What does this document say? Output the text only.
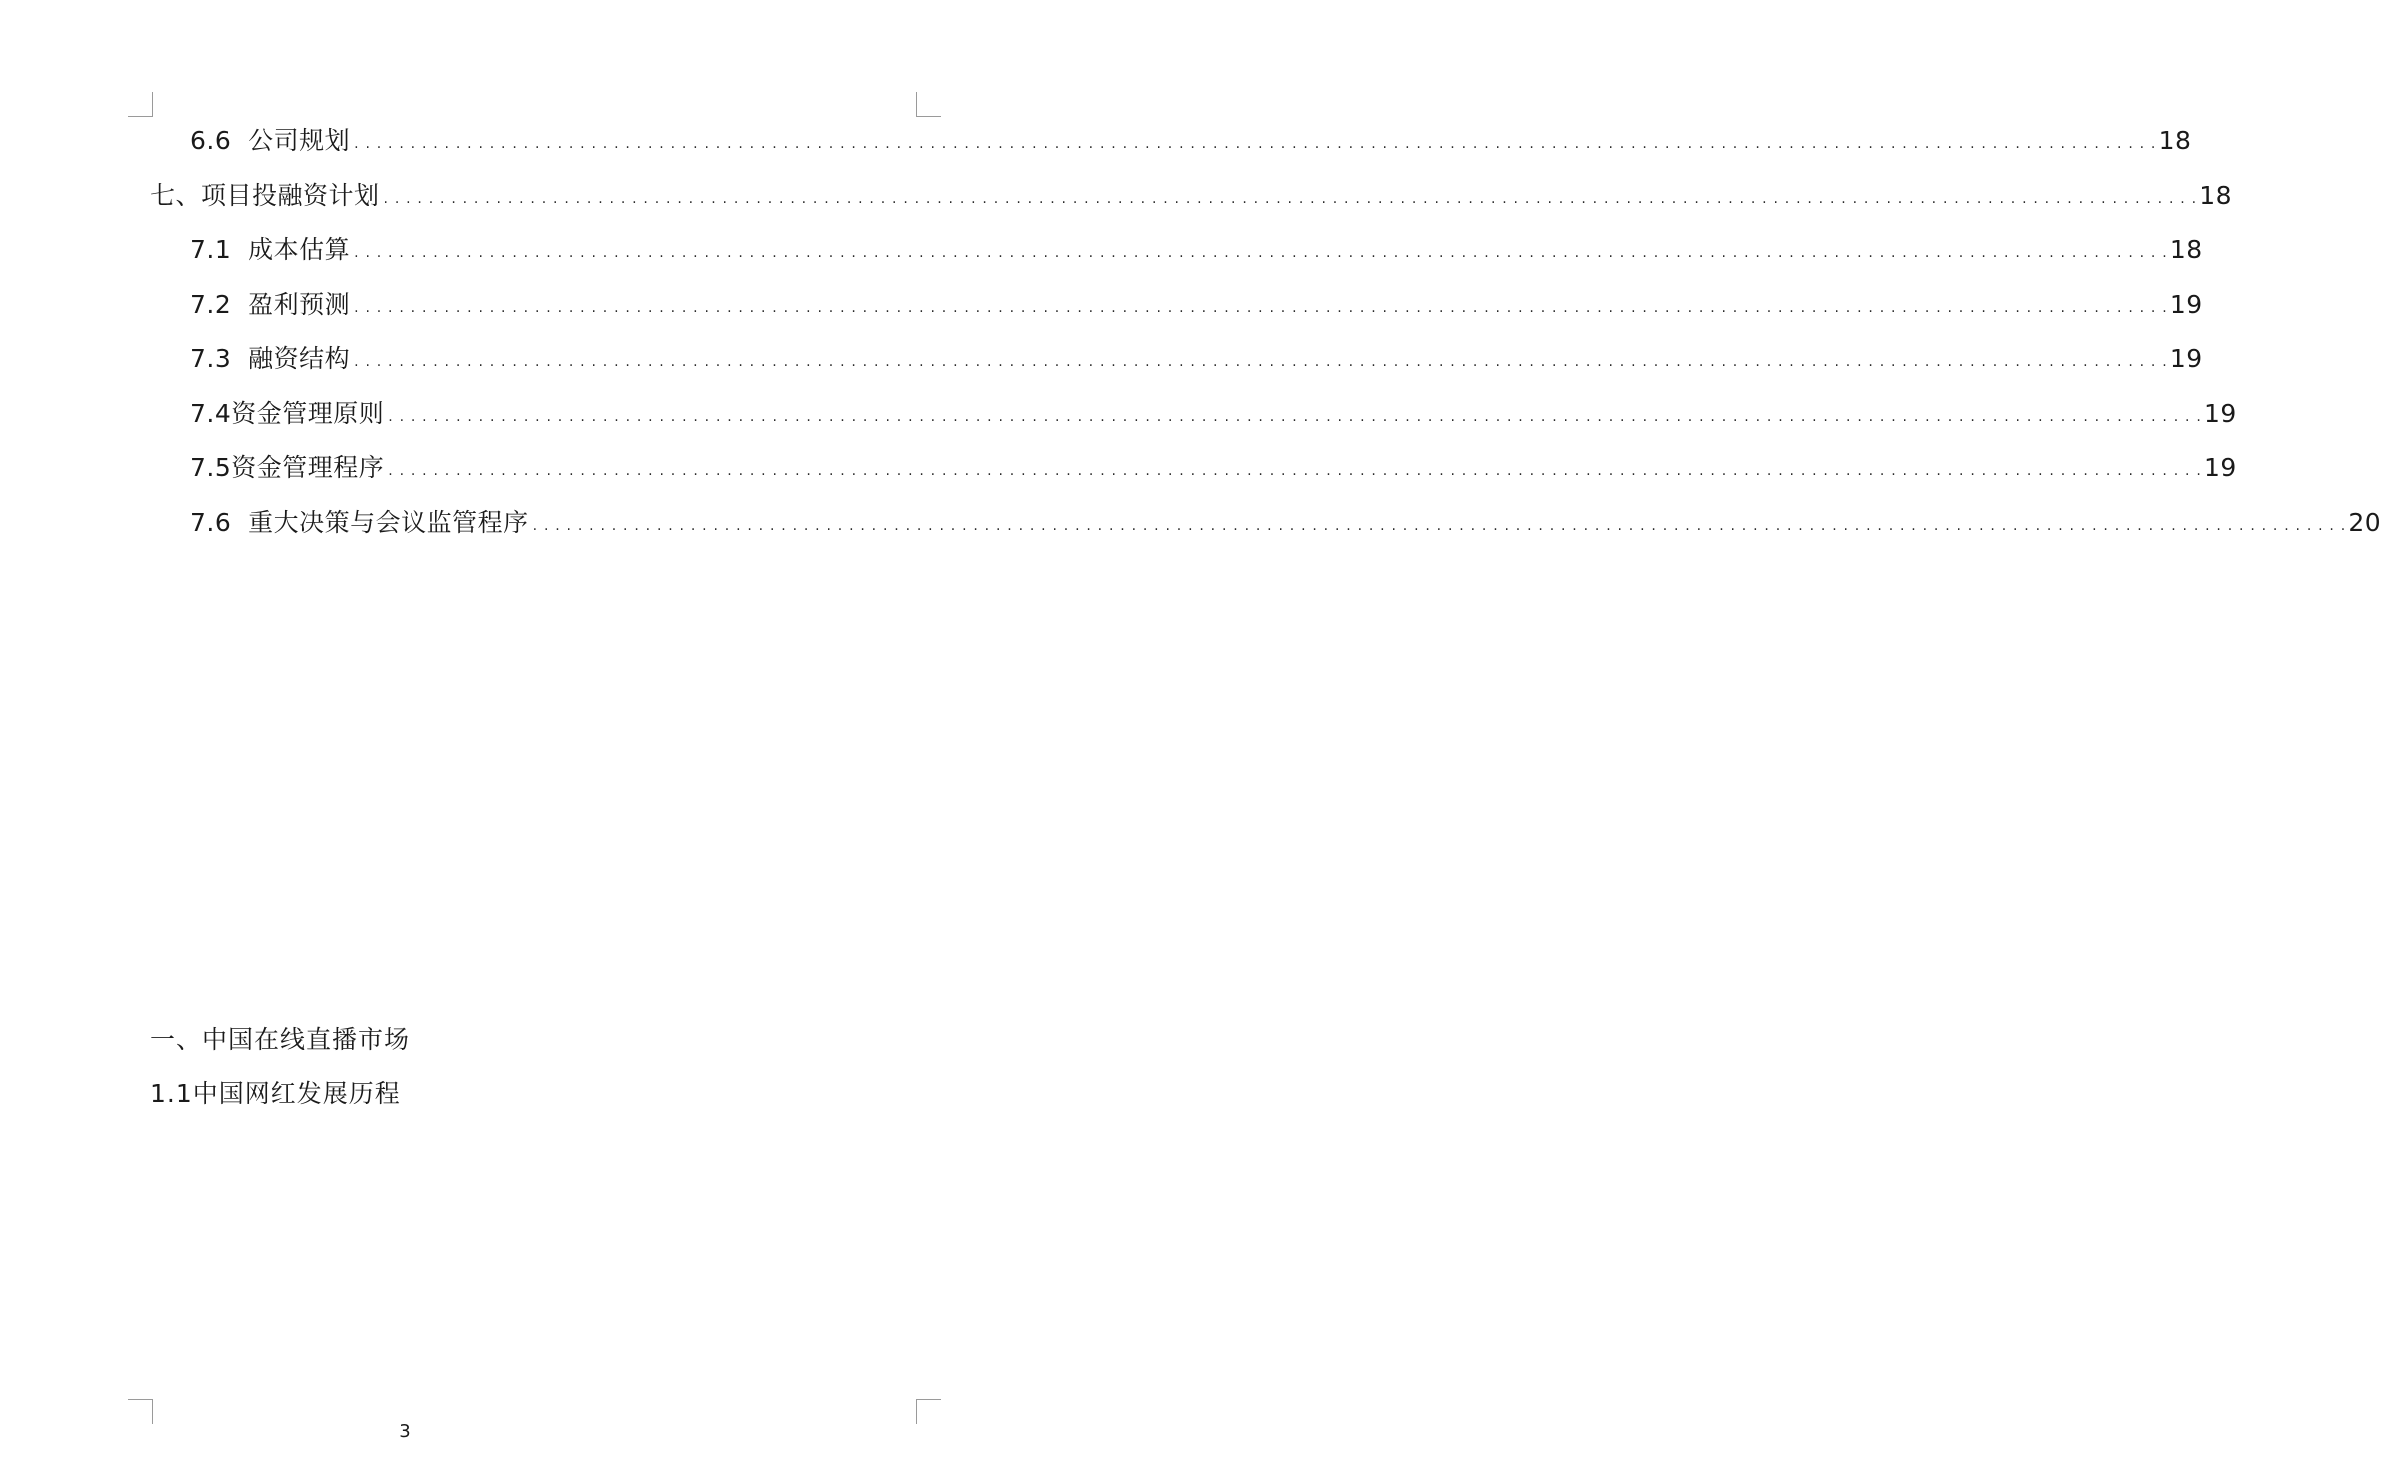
6.6  公司规划 . . . . . . . . . . . . . . . . . . . . . . . . . . . . . . . . . . . . . . . . . . . . . . . . . . . . . . . . . . . . . . . . . . . . . . . . . . . . . . . . . . . . . . . . . . . . . . . . . . . . . . . . . . . . . . . . . . . . . . . . . . . . . . . . . . . . . . . . . . . . . . . . . . . . . . . . . . . . . . . . 18
七、项目投融资计划 . . . . . . . . . . . . . . . . . . . . . . . . . . . . . . . . . . . . . . . . . . . . . . . . . . . . . . . . . . . . . . . . . . . . . . . . . . . . . . . . . . . . . . . . . . . . . . . . . . . . . . . . . . . . . . . . . . . . . . . . . . . . . . . . . . . . . . . . . . . . . . . . . . . . . . . . . . . . . . . . . 18
7.1  成本估算 . . . . . . . . . . . . . . . . . . . . . . . . . . . . . . . . . . . . . . . . . . . . . . . . . . . . . . . . . . . . . . . . . . . . . . . . . . . . . . . . . . . . . . . . . . . . . . . . . . . . . . . . . . . . . . . . . . . . . . . . . . . . . . . . . . . . . . . . . . . . . . . . . . . . . . . . . . . . . . . . . 18
7.2  盈利预测 . . . . . . . . . . . . . . . . . . . . . . . . . . . . . . . . . . . . . . . . . . . . . . . . . . . . . . . . . . . . . . . . . . . . . . . . . . . . . . . . . . . . . . . . . . . . . . . . . . . . . . . . . . . . . . . . . . . . . . . . . . . . . . . . . . . . . . . . . . . . . . . . . . . . . . . . . . . . . . . . . 19
7.3  融资结构 . . . . . . . . . . . . . . . . . . . . . . . . . . . . . . . . . . . . . . . . . . . . . . . . . . . . . . . . . . . . . . . . . . . . . . . . . . . . . . . . . . . . . . . . . . . . . . . . . . . . . . . . . . . . . . . . . . . . . . . . . . . . . . . . . . . . . . . . . . . . . . . . . . . . . . . . . . . . . . . . . 19
7.4资金管理原则 . . . . . . . . . . . . . . . . . . . . . . . . . . . . . . . . . . . . . . . . . . . . . . . . . . . . . . . . . . . . . . . . . . . . . . . . . . . . . . . . . . . . . . . . . . . . . . . . . . . . . . . . . . . . . . . . . . . . . . . . . . . . . . . . . . . . . . . . . . . . . . . . . . . . . . . . . . . . . . . . . 19
7.5资金管理程序 . . . . . . . . . . . . . . . . . . . . . . . . . . . . . . . . . . . . . . . . . . . . . . . . . . . . . . . . . . . . . . . . . . . . . . . . . . . . . . . . . . . . . . . . . . . . . . . . . . . . . . . . . . . . . . . . . . . . . . . . . . . . . . . . . . . . . . . . . . . . . . . . . . . . . . . . . . . . . . . . . 19
7.6  重大决策与会议监管程序 . . . . . . . . . . . . . . . . . . . . . . . . . . . . . . . . . . . . . . . . . . . . . . . . . . . . . . . . . . . . . . . . . . . . . . . . . . . . . . . . . . . . . . . . . . . . . . . . . . . . . . . . . . . . . . . . . . . . . . . . . . . . . . . . . . . . . . . . . . . . . . . . . . . . . . . . . . . . . . . . . 20
一、中国在线直播市场
1.1中国网红发展历程
3
